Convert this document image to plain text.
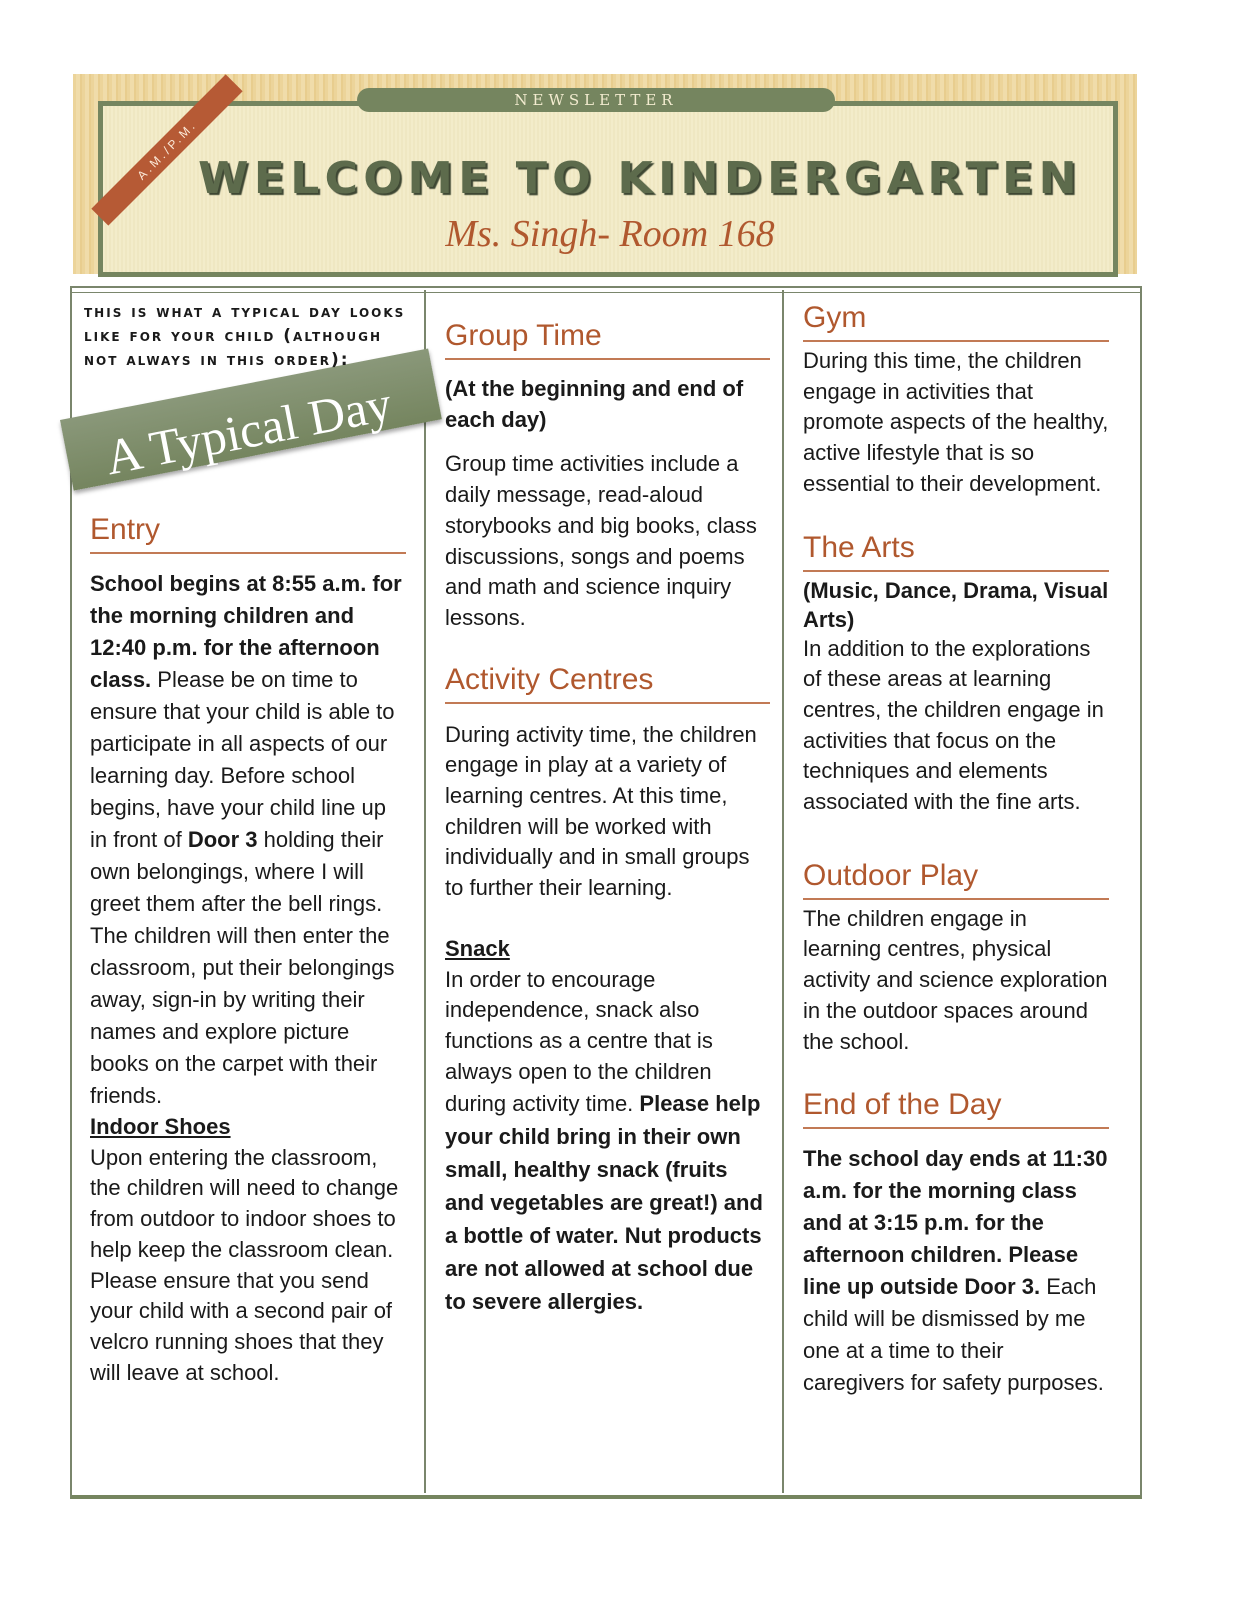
NEWSLETTER
A.M./P.M.
WELCOME TO KINDERGARTEN
Ms. Singh- Room 168
A Typical Day

this is what a typical day looks like for your child (although not always in this order):

Entry

School begins at 8:55 a.m. for the morning children and 12:40 p.m. for the afternoon class. Please be on time to ensure that your child is able to participate in all aspects of our learning day. Before school begins, have your child line up in front of Door 3 holding their own belongings, where I will greet them after the bell rings. The children will then enter the classroom, put their belongings away, sign-in by writing their names and explore picture books on the carpet with their friends.

Indoor Shoes

Upon entering the classroom, the children will need to change from outdoor to indoor shoes to help keep the classroom clean. Please ensure that you send your child with a second pair of velcro running shoes that they will leave at school.

Group Time

(At the beginning and end of each day)

Group time activities include a daily message, read-aloud storybooks and big books, class discussions, songs and poems and math and science inquiry lessons.

Activity Centres

During activity time, the children engage in play at a variety of learning centres. At this time, children will be worked with individually and in small groups to further their learning.

Snack

In order to encourage independence, snack also functions as a centre that is always open to the children during activity time. Please help your child bring in their own small, healthy snack (fruits and vegetables are great!) and a bottle of water. Nut products are not allowed at school due to severe allergies.

Gym

During this time, the children engage in activities that promote aspects of the healthy, active lifestyle that is so essential to their development.

The Arts

(Music, Dance, Drama, Visual Arts)

In addition to the explorations of these areas at learning centres, the children engage in activities that focus on the techniques and elements associated with the fine arts.

Outdoor Play

The children engage in learning centres, physical activity and science exploration in the outdoor spaces around the school.

End of the Day

The school day ends at 11:30 a.m. for the morning class and at 3:15 p.m. for the afternoon children. Please line up outside Door 3. Each child will be dismissed by me one at a time to their caregivers for safety purposes.
